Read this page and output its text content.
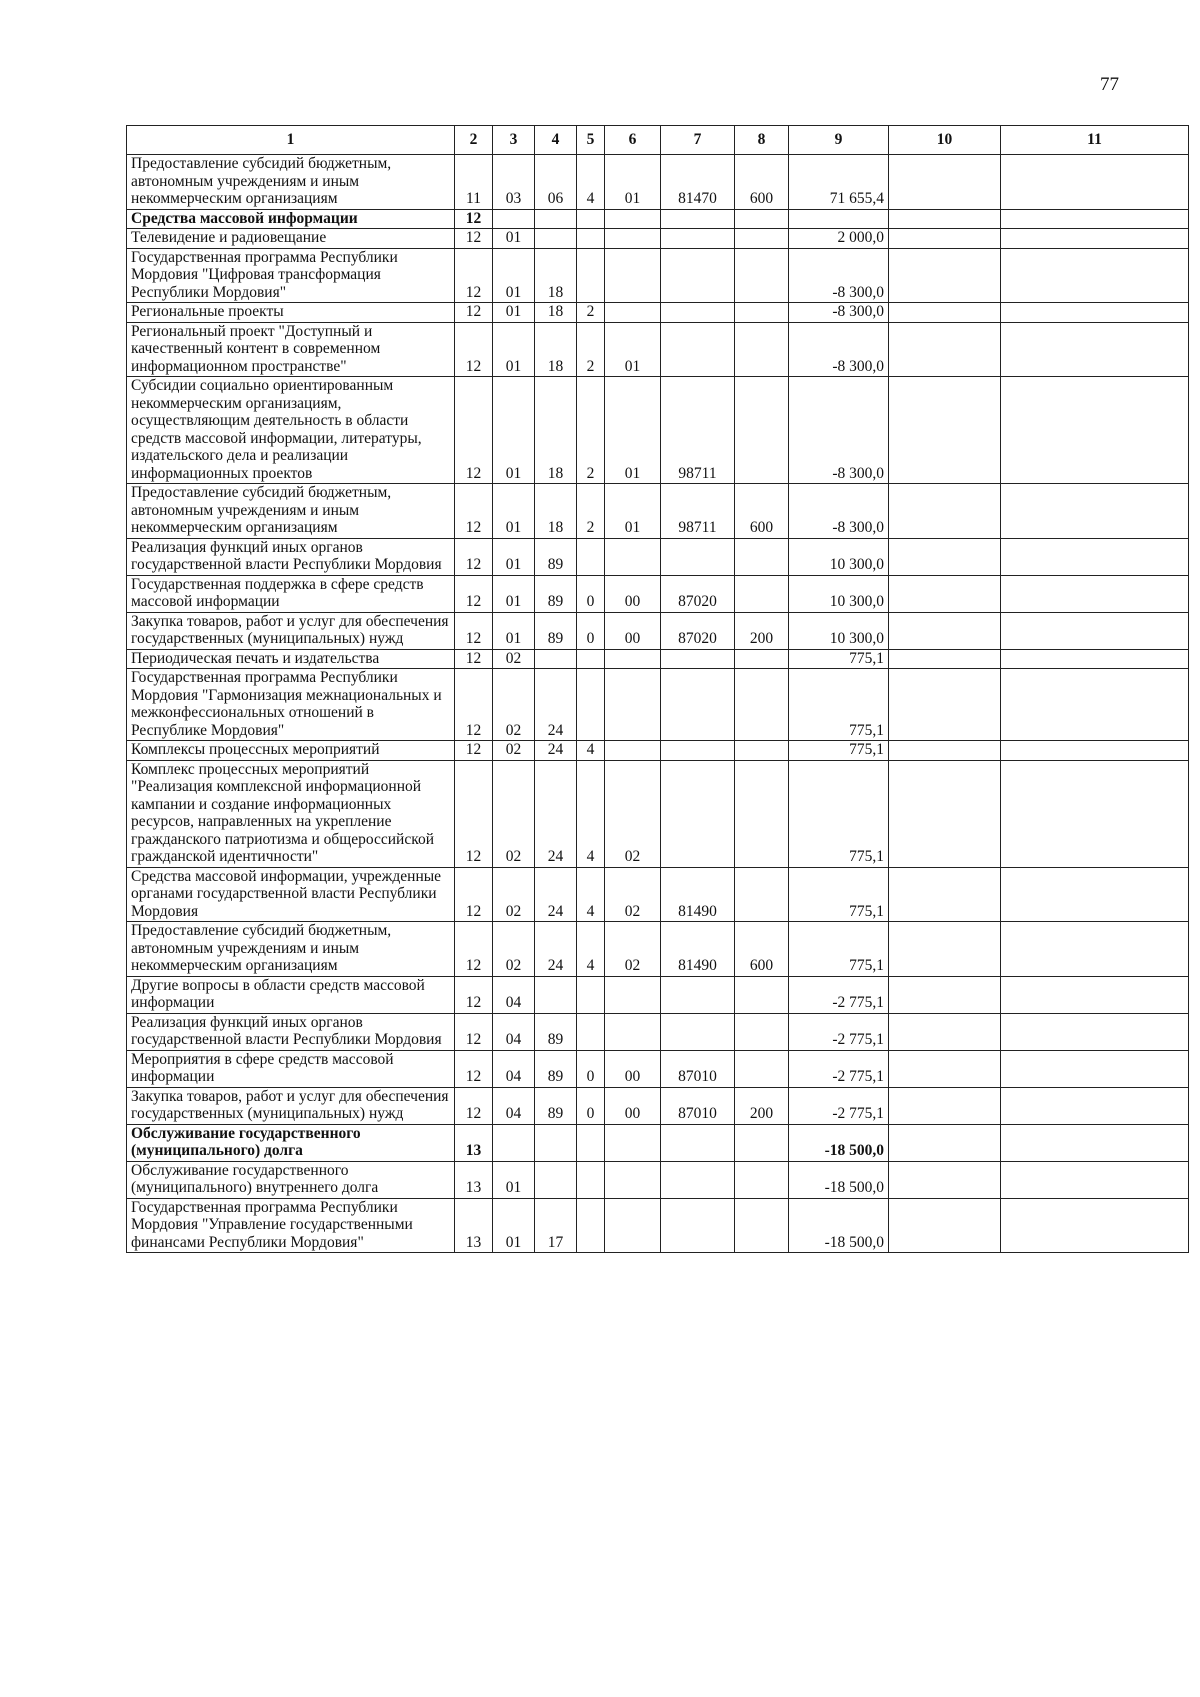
77
1	2	3	4	5	6	7	8	9	10	11
Предоставление субсидий бюджетным, автономным учреждениям и иным некоммерческим организациям	11	03	06	4	01	81470	600	71 655,4		
Средства массовой информации	12									
Телевидение и радиовещание	12	01						2 000,0		
Государственная программа Республики Мордовия "Цифровая трансформация Республики Мордовия"	12	01	18					-8 300,0		
Региональные проекты	12	01	18	2				-8 300,0		
Региональный проект "Доступный и качественный контент в современном информационном пространстве"	12	01	18	2	01			-8 300,0		
Субсидии социально ориентированным некоммерческим организациям, осуществляющим деятельность в области средств массовой информации, литературы, издательского дела и реализации информационных проектов	12	01	18	2	01	98711		-8 300,0		
Предоставление субсидий бюджетным, автономным учреждениям и иным некоммерческим организациям	12	01	18	2	01	98711	600	-8 300,0		
Реализация функций иных органов государственной власти Республики Мордовия	12	01	89					10 300,0		
Государственная поддержка в сфере средств массовой информации	12	01	89	0	00	87020		10 300,0		
Закупка товаров, работ и услуг для обеспечения государственных (муниципальных) нужд	12	01	89	0	00	87020	200	10 300,0		
Периодическая печать и издательства	12	02						775,1		
Государственная программа Республики Мордовия "Гармонизация межнациональных и межконфессиональных отношений в Республике Мордовия"	12	02	24					775,1		
Комплексы процессных мероприятий	12	02	24	4				775,1		
Комплекс процессных мероприятий "Реализация комплексной информационной кампании и создание информационных ресурсов, направленных на укрепление гражданского патриотизма и общероссийской гражданской идентичности"	12	02	24	4	02			775,1		
Средства массовой информации, учрежденные органами государственной власти Республики Мордовия	12	02	24	4	02	81490		775,1		
Предоставление субсидий бюджетным, автономным учреждениям и иным некоммерческим организациям	12	02	24	4	02	81490	600	775,1		
Другие вопросы в области средств массовой информации	12	04						-2 775,1		
Реализация функций иных органов государственной власти Республики Мордовия	12	04	89					-2 775,1		
Мероприятия в сфере средств массовой информации	12	04	89	0	00	87010		-2 775,1		
Закупка товаров, работ и услуг для обеспечения государственных (муниципальных) нужд	12	04	89	0	00	87010	200	-2 775,1		
Обслуживание государственного (муниципального) долга	13							-18 500,0		
Обслуживание государственного (муниципального) внутреннего долга	13	01						-18 500,0		
Государственная программа Республики Мордовия "Управление государственными финансами Республики Мордовия"	13	01	17					-18 500,0		
